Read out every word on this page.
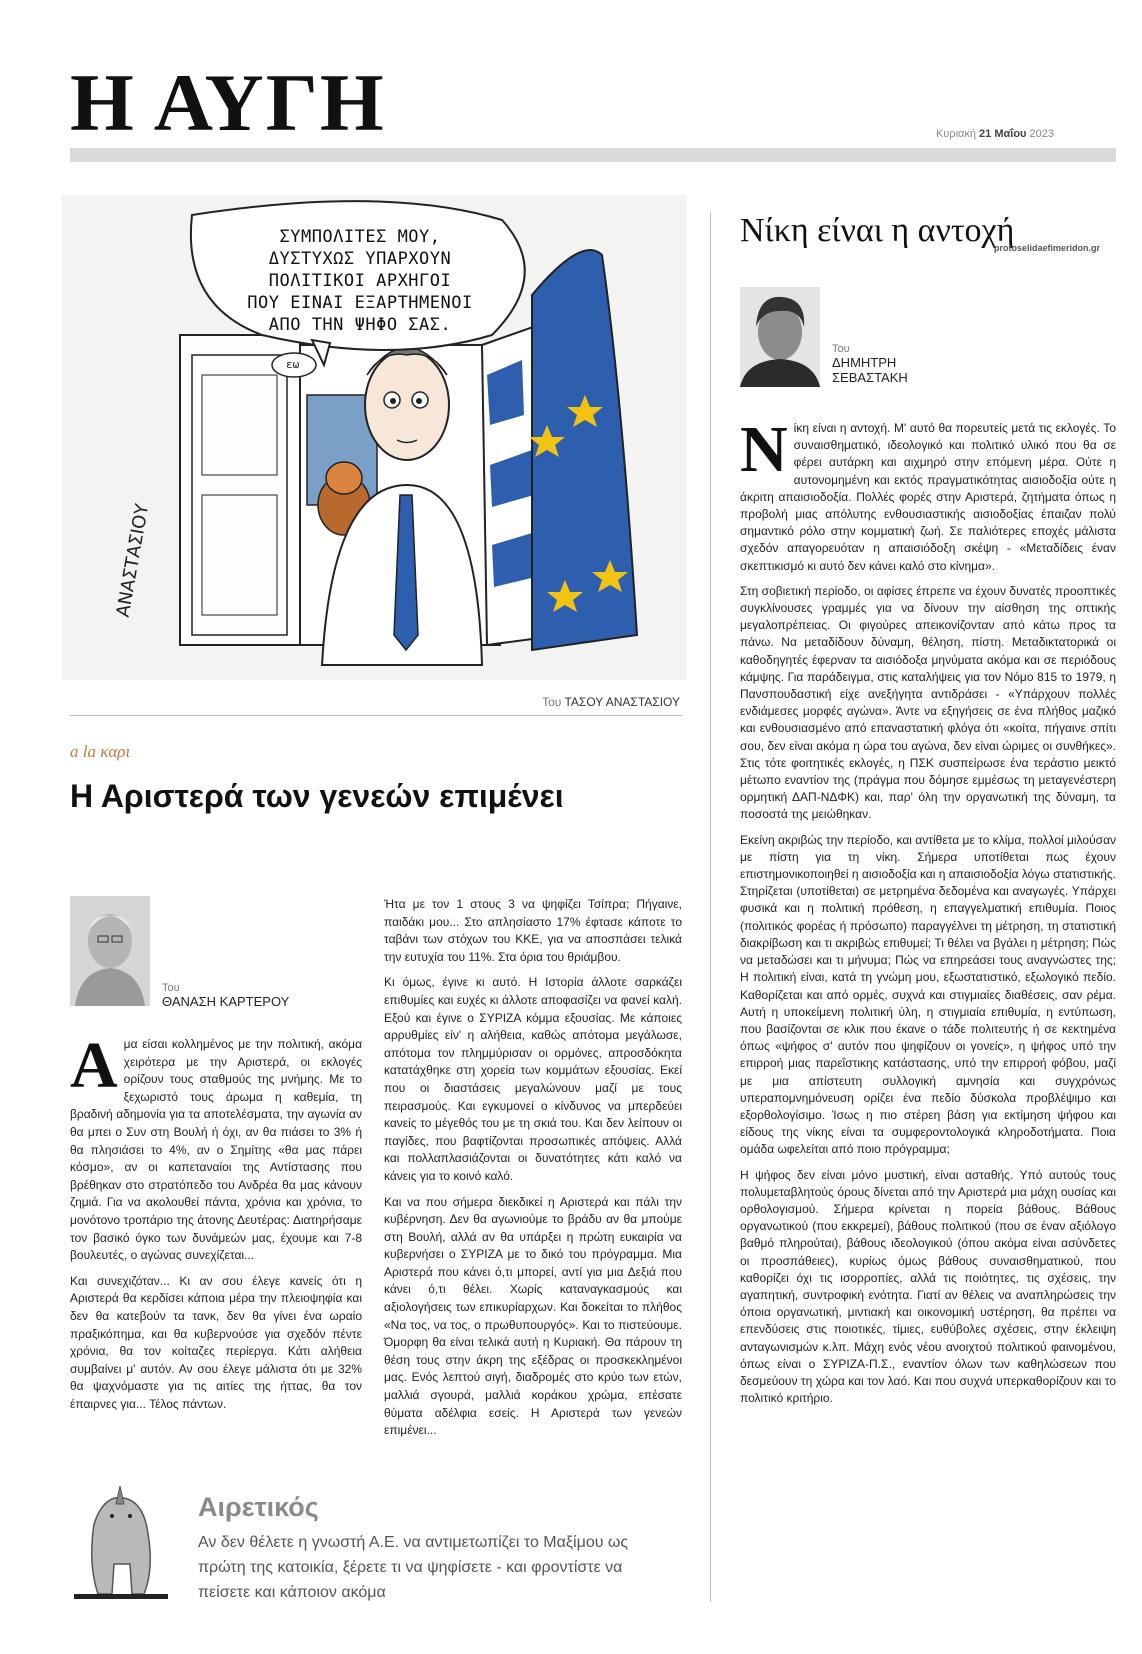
Η ΑΥΓΗ	Κυριακή 21 Μαΐου 2023
ΑΝΑΣΤΑΣΙΟΥ
ΣΥΜΠΟΛΙΤΕΣ ΜΟΥ,
ΔΥΣΤΥΧΩΣ ΥΠΑΡΧΟΥΝ
ΠΟΛΙΤΙΚΟΙ ΑΡΧΗΓΟΙ
ΠΟΥ ΕΙΝΑΙ ΕΞΑΡΤΗΜΕΝΟΙ
ΑΠΟ ΤΗΝ ΨΗΦΟ ΣΑΣ.
εω
Του ΤΑΣΟΥ ΑΝΑΣΤΑΣΙΟΥ
a la καρι
Η Αριστερά των γενεών επιμένει
Του
ΘΑΝΑΣΗ ΚΑΡΤΕΡΟΥ

Αμα είσαι κολλημένος με την πολιτική, ακόμα χειρότερα με την Αριστερά, οι εκλογές ορίζουν τους σταθμούς της μνήμης. Με το ξεχωριστό τους άρωμα η καθεμία, τη βραδινή αδημονία για τα αποτελέσματα, την αγωνία αν θα μπει ο Συν στη Βουλή ή όχι, αν θα πιάσει το 3% ή θα πλησιάσει το 4%, αν ο Σημίτης «θα μας πάρει κόσμο», αν οι καπεταναίοι της Αντίστασης που βρέθηκαν στο στρατόπεδο του Ανδρέα θα μας κάνουν ζημιά. Για να ακολουθεί πάντα, χρόνια και χρόνια, το μονότονο τροπάριο της άτονης Δευτέρας: Διατηρήσαμε τον βασικό όγκο των δυνάμεών μας, έχουμε και 7-8 βουλευτές, ο αγώνας συνεχίζεται...

Και συνεχιζόταν... Κι αν σου έλεγε κανείς ότι η Αριστερά θα κερδίσει κάποια μέρα την πλειοψηφία και δεν θα κατεβούν τα τανκ, δεν θα γίνει ένα ωραίο πραξικόπημα, και θα κυβερνούσε για σχεδόν πέντε χρόνια, θα τον κοίταζες περίεργα. Κάτι αλήθεια συμβαίνει μ' αυτόν. Αν σου έλεγε μάλιστα ότι με 32% θα ψαχνόμαστε για τις αιτίες της ήττας, θα τον έπαιρνες για... Τέλος πάντων.

Ήτα με τον 1 στους 3 να ψηφίζει Τσίπρα; Πήγαινε, παιδάκι μου... Στο απλησίαστο 17% έφτασε κάποτε το ταβάνι των στόχων του ΚΚΕ, για να αποσπάσει τελικά την ευτυχία του 11%. Στα όρια του θριάμβου.

Κι όμως, έγινε κι αυτό. Η Ιστορία άλλοτε σαρκάζει επιθυμίες και ευχές κι άλλοτε αποφασίζει να φανεί καλή. Εξού και έγινε ο ΣΥΡΙΖΑ κόμμα εξουσίας. Με κάποιες αρρυθμίες είν' η αλήθεια, καθώς απότομα μεγάλωσε, απότομα τον πλημμύρισαν οι ορμόνες, απροσδόκητα κατατάχθηκε στη χορεία των κομμάτων εξουσίας. Εκεί που οι διαστάσεις μεγαλώνουν μαζί με τους πειρασμούς. Και εγκυμονεί ο κίνδυνος να μπερδεύει κανείς το μέγεθός του με τη σκιά του. Και δεν λείπουν οι παγίδες, που βαφτίζονται προσωπικές απόψεις. Αλλά και πολλαπλασιάζονται οι δυνατότητες κάτι καλό να κάνεις για το κοινό καλό.

Και να που σήμερα διεκδικεί η Αριστερά και πάλι την κυβέρνηση. Δεν θα αγωνιούμε το βράδυ αν θα μπούμε στη Βουλή, αλλά αν θα υπάρξει η πρώτη ευκαιρία να κυβερνήσει ο ΣΥΡΙΖΑ με το δικό του πρόγραμμα. Μια Αριστερά που κάνει ό,τι μπορεί, αντί για μια Δεξιά που κάνει ό,τι θέλει. Χωρίς καταναγκασμούς και αξιολογήσεις των επικυρίαρχων. Και δοκείται το πλήθος «Να τος, να τος, ο πρωθυπουργός». Και το πιστεύουμε. Όμορφη θα είναι τελικά αυτή η Κυριακή. Θα πάρουν τη θέση τους στην άκρη της εξέδρας οι προσκεκλημένοι μας. Ενός λεπτού σιγή, διαδρομές στο κρύο των ετών, μαλλιά σγουρά, μαλλιά κοράκου χρώμα, επέσατε θύματα αδέλφια εσείς. Η Αριστερά των γενεών επιμένει...

Αιρετικός
Αν δεν θέλετε η γνωστή Α.Ε. να αντιμετωπίζει το Μαξίμου ως πρώτη της κατοικία, ξέρετε τι να ψηφίσετε - και φροντίστε να πείσετε και κάποιον ακόμα
Νίκη είναι η αντοχή
protoselidaefimeridon.gr
Του
ΔΗΜΗΤΡΗ
ΣΕΒΑΣΤΑΚΗ

Νίκη είναι η αντοχή. Μ' αυτό θα πορευτείς μετά τις εκλογές. Το συναισθηματικό, ιδεολογικό και πολιτικό υλικό που θα σε φέρει αυτάρκη και αιχμηρό στην επόμενη μέρα. Ούτε η αυτονομημένη και εκτός πραγματικότητας αισιοδοξία ούτε η άκριτη απαισιοδοξία. Πολλές φορές στην Αριστερά, ζητήματα όπως η προβολή μιας απόλυτης ενθουσιαστικής αισιοδοξίας έπαιζαν πολύ σημαντικό ρόλο στην κομματική ζωή. Σε παλιότερες εποχές μάλιστα σχεδόν απαγορευόταν η απαισιόδοξη σκέψη - «Μεταδίδεις έναν σκεπτικισμό κι αυτό δεν κάνει καλό στο κίνημα».

Στη σοβιετική περίοδο, οι αφίσες έπρεπε να έχουν δυνατές προοπτικές συγκλίνουσες γραμμές για να δίνουν την αίσθηση της οπτικής μεγαλοπρέπειας. Οι φιγούρες απεικονίζονταν από κάτω προς τα πάνω. Να μεταδίδουν δύναμη, θέληση, πίστη. Μεταδικτατορικά οι καθοδηγητές έφερναν τα αισιόδοξα μηνύματα ακόμα και σε περιόδους κάμψης. Για παράδειγμα, στις καταλήψεις για τον Νόμο 815 το 1979, η Πανσπουδαστική είχε ανεξήγητα αντιδράσει - «Υπάρχουν πολλές ενδιάμεσες μορφές αγώνα». Άντε να εξηγήσεις σε ένα πλήθος μαζικό και ενθουσιασμένο από επαναστατική φλόγα ότι «κοίτα, πήγαινε σπίτι σου, δεν είναι ακόμα η ώρα του αγώνα, δεν είναι ώριμες οι συνθήκες». Στις τότε φοιτητικές εκλογές, η ΠΣΚ συσπείρωσε ένα τεράστιο μεικτό μέτωπο εναντίον της (πράγμα που δόμησε εμμέσως τη μεταγενέστερη ορμητική ΔΑΠ-ΝΔΦΚ) και, παρ' όλη την οργανωτική της δύναμη, τα ποσοστά της μειώθηκαν.

Εκείνη ακριβώς την περίοδο, και αντίθετα με το κλίμα, πολλοί μιλούσαν με πίστη για τη νίκη. Σήμερα υποτίθεται πως έχουν επιστημονικοποιηθεί η αισιοδοξία και η απαισιοδοξία λόγω στατιστικής. Στηρίζεται (υποτίθεται) σε μετρημένα δεδομένα και αναγωγές. Υπάρχει φυσικά και η πολιτική πρόθεση, η επαγγελματική επιθυμία. Ποιος (πολιτικός φορέας ή πρόσωπο) παραγγέλνει τη μέτρηση, τη στατιστική διακρίβωση και τι ακριβώς επιθυμεί; Τι θέλει να βγάλει η μέτρηση; Πώς να μεταδώσει και τι μήνυμα; Πώς να επηρεάσει τους αναγνώστες της; Η πολιτική είναι, κατά τη γνώμη μου, εξωστατιστικό, εξωλογικό πεδίο. Καθορίζεται και από ορμές, συχνά και στιγμιαίες διαθέσεις, σαν ρέμα. Αυτή η υποκείμενη πολιτική ύλη, η στιγμιαία επιθυμία, η εντύπωση, που βασίζονται σε κλικ που έκανε ο τάδε πολιτευτής ή σε κεκτημένα όπως «ψήφος σ' αυτόν που ψηφίζουν οι γονείς», η ψήφος υπό την επιρροή μιας παρεΐστικης κατάστασης, υπό την επιρροή φόβου, μαζί με μια απίστευτη συλλογική αμνησία και συγχρόνως υπεραπομνημόνευση ορίζει ένα πεδίο δύσκολα προβλέψιμο και εξορθολογίσιμο. Ίσως η πιο στέρεη βάση για εκτίμηση ψήφου και είδους της νίκης είναι τα συμφεροντολογικά κληροδοτήματα. Ποια ομάδα ωφελείται από ποιο πρόγραμμα;

Η ψήφος δεν είναι μόνο μυστική, είναι ασταθής. Υπό αυτούς τους πολυμεταβλητούς όρους δίνεται από την Αριστερά μια μάχη ουσίας και ορθολογισμού. Σήμερα κρίνεται η πορεία βάθους. Βάθους οργανωτικού (που εκκρεμεί), βάθους πολιτικού (που σε έναν αξιόλογο βαθμό πληρούται), βάθους ιδεολογικού (όπου ακόμα είναι ασύνδετες οι προσπάθειες), κυρίως όμως βάθους συναισθηματικού, που καθορίζει όχι τις ισορροπίες, αλλά τις ποιότητες, τις σχέσεις, την αγαπητική, συντροφική ενότητα. Γιατί αν θέλεις να αναπληρώσεις την όποια οργανωτική, μιντιακή και οικονομική υστέρηση, θα πρέπει να επενδύσεις στις ποιοτικές, τίμιες, ευθύβολες σχέσεις, στην έκλειψη ανταγωνισμών κ.λπ. Μάχη ενός νέου ανοιχτού πολιτικού φαινομένου, όπως είναι ο ΣΥΡΙΖΑ-Π.Σ., εναντίον όλων των καθηλώσεων που δεσμεύουν τη χώρα και τον λαό. Και που συχνά υπερκαθορίζουν και το πολιτικό κριτήριο.
